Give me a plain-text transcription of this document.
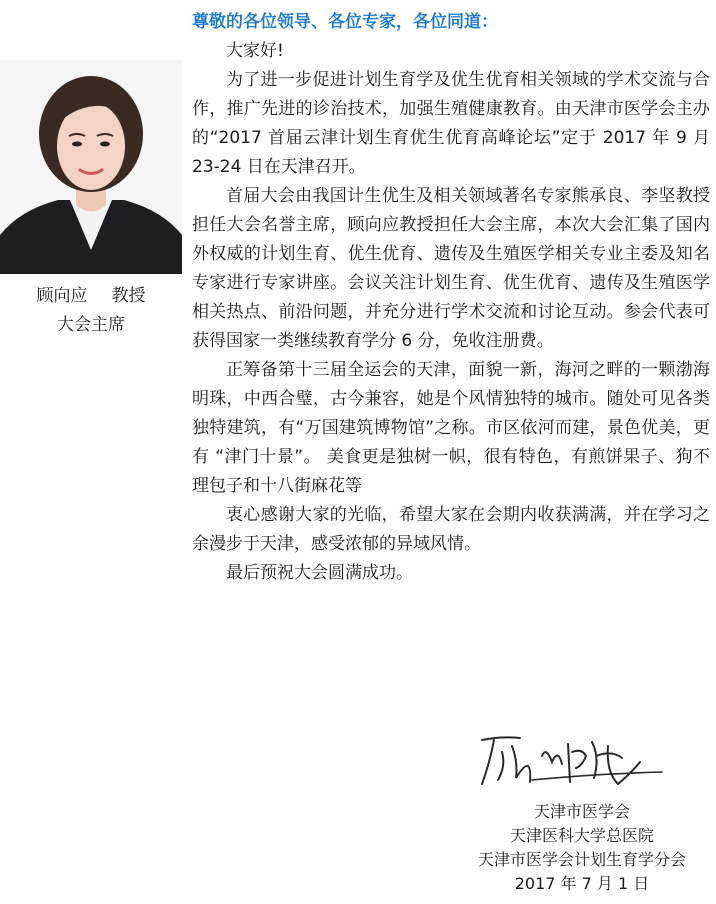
顾向应 教授
大会主席

尊敬的各位领导、各位专家，各位同道：

大家好!

为了进一步促进计划生育学及优生优育相关领域的学术交流与合作，推广先进的诊治技术，加强生殖健康教育。由天津市医学会主办的“2017 首届云津计划生育优生优育高峰论坛”定于 2017 年 9 月 23-24 日在天津召开。

首届大会由我国计生优生及相关领域著名专家熊承良、李坚教授担任大会名誉主席，顾向应教授担任大会主席，本次大会汇集了国内外权威的计划生育、优生优育、遗传及生殖医学相关专业主委及知名专家进行专家讲座。会议关注计划生育、优生优育、遗传及生殖医学相关热点、前沿问题，并充分进行学术交流和讨论互动。参会代表可获得国家一类继续教育学分 6 分，免收注册费。

正筹备第十三届全运会的天津，面貌一新，海河之畔的一颗渤海明珠，中西合璧，古今兼容，她是个风情独特的城市。随处可见各类独特建筑，有“万国建筑博物馆”之称。市区依河而建，景色优美，更有 “津门十景”。 美食更是独树一帜，很有特色，有煎饼果子、狗不理包子和十八街麻花等

衷心感谢大家的光临，希望大家在会期内收获满满，并在学习之余漫步于天津，感受浓郁的异域风情。

最后预祝大会圆满成功。

天津市医学会
天津医科大学总医院
天津市医学会计划生育学分会
2017 年 7 月 1 日
